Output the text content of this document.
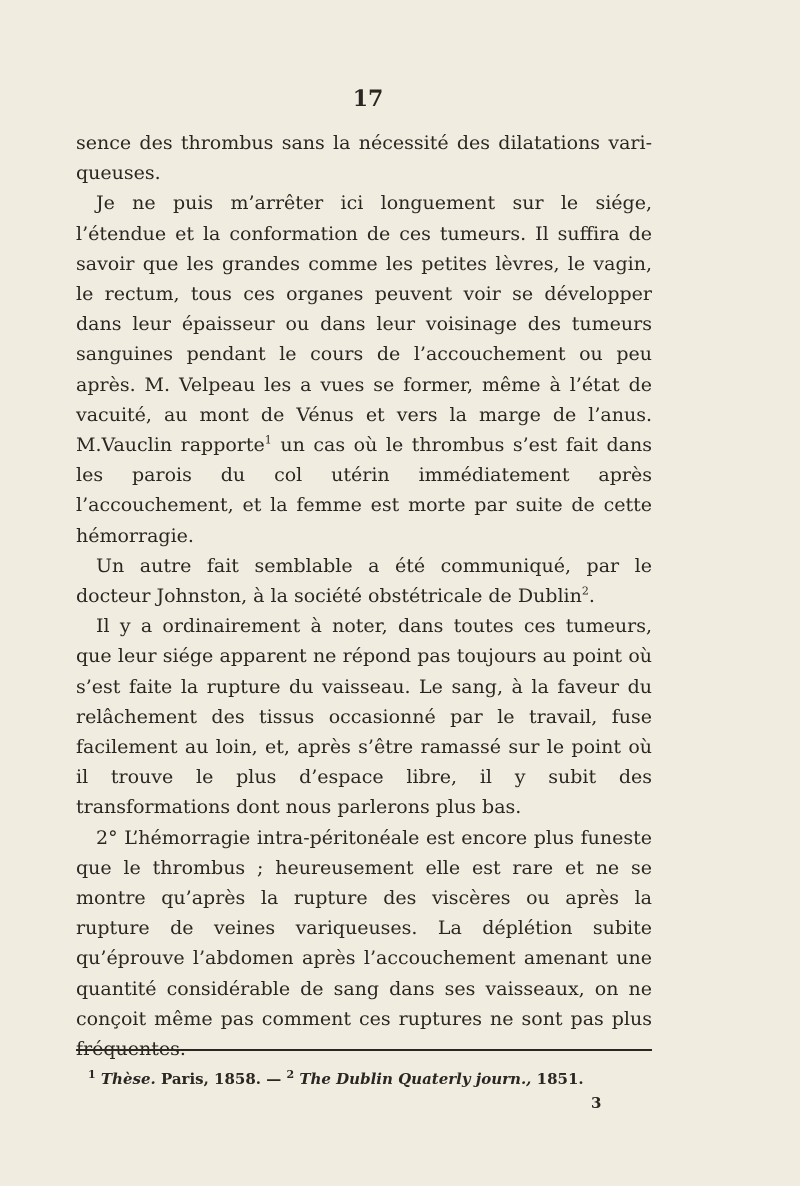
17

sence des thrombus sans la nécessité des dilatations vari-queuses.

Je ne puis m’arrêter ici longuement sur le siége, l’étendue et la conformation de ces tumeurs. Il suffira de savoir que les grandes comme les petites lèvres, le vagin, le rectum, tous ces organes peuvent voir se développer dans leur épaisseur ou dans leur voisinage des tumeurs sanguines pendant le cours de l’accouchement ou peu après. M. Velpeau les a vues se former, même à l’état de vacuité, au mont de Vénus et vers la marge de l’anus. M.Vauclin rapporte$^1$ un cas où le thrombus s’est fait dans les parois du col utérin immédiatement après l’accouchement, et la femme est morte par suite de cette hémorragie.

Un autre fait semblable a été communiqué, par le docteur Johnston, à la société obstétricale de Dublin$^2$.

Il y a ordinairement à noter, dans toutes ces tumeurs, que leur siége apparent ne répond pas toujours au point où s’est faite la rupture du vaisseau. Le sang, à la faveur du relâchement des tissus occasionné par le travail, fuse facilement au loin, et, après s’être ramassé sur le point où il trouve le plus d’espace libre, il y subit des transformations dont nous parlerons plus bas.

2° L’hémorragie intra-péritonéale est encore plus funeste que le thrombus ; heureusement elle est rare et ne se montre qu’après la rupture des viscères ou après la rupture de veines variqueuses. La déplétion subite qu’éprouve l’abdomen après l’accouchement amenant une quantité considérable de sang dans ses vaisseaux, on ne conçoit même pas comment ces ruptures ne sont pas plus fréquentes.

$^1$ Thèse. Paris, 1858. — $^2$ The Dublin Quaterly journ., 1851.
3
